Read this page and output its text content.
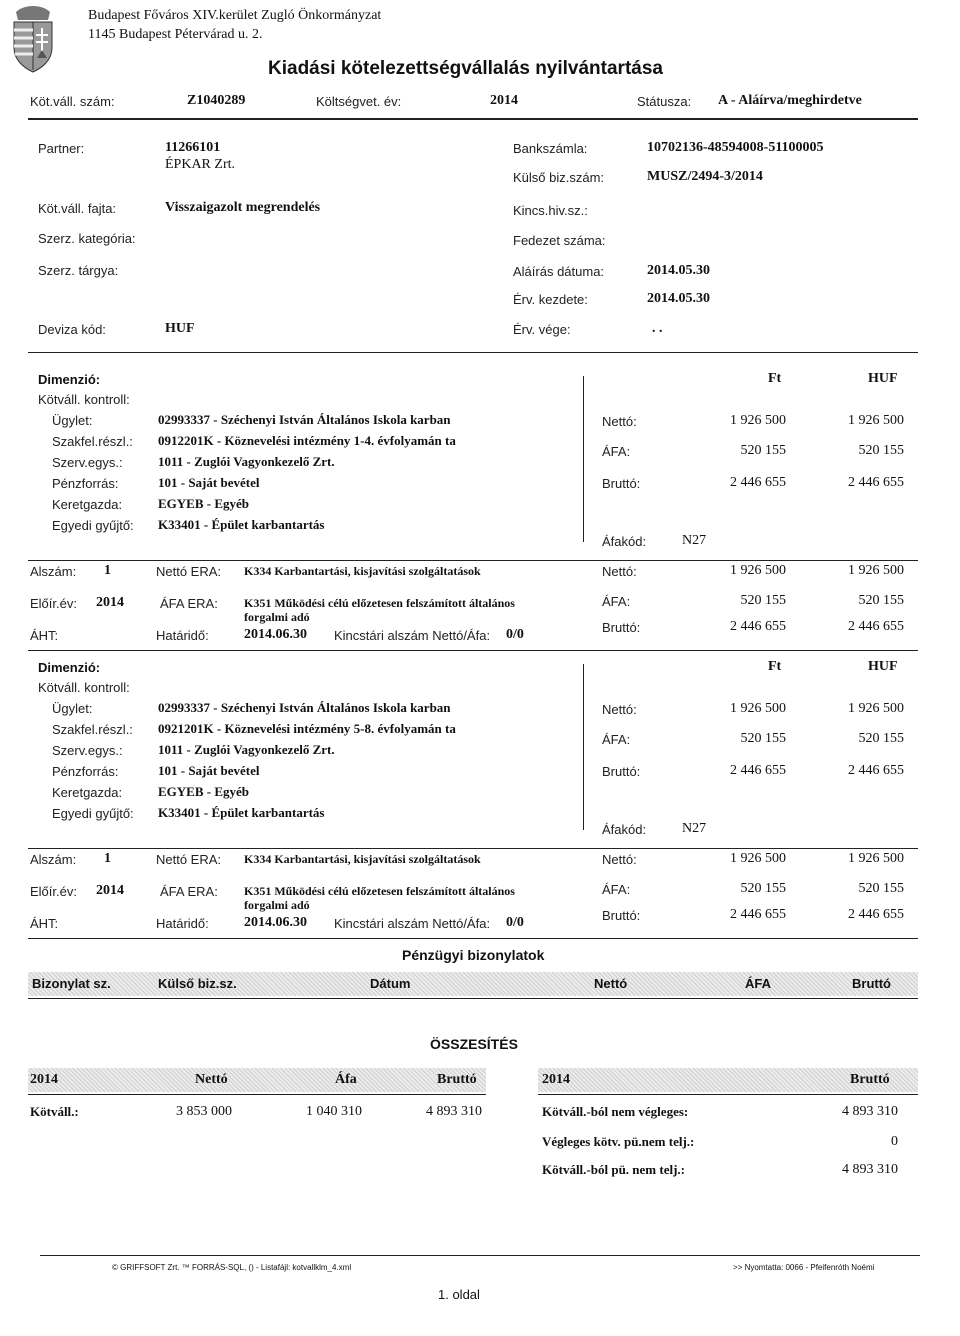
Budapest Főváros XIV.kerület Zugló Önkormányzat
1145 Budapest Pétervárad u. 2.
Kiadási kötelezettségvállalás nyilvántartása
Köt.váll. szám:	Z1040289	Költségvet. év:	2014	Státusza: A - Aláírva/meghirdetve
Partner:	11266101
ÉPKAR Zrt.
Bankszámla:	10702136-48594008-51100005
Külső biz.szám:	MUSZ/2494-3/2014
Köt.váll. fajta:	Visszaigazolt megrendelés	Kincs.hiv.sz.:
Szerz. kategória:	Fedezet száma:
Szerz. tárgya:	Aláírás dátuma:	2014.05.30
Érv. kezdete:	2014.05.30
Deviza kód:	HUF	Érv. vége:	. .
Dimenzió:	Ft	HUF
Kötváll. kontroll:
Ügylet:	02993337 - Széchenyi István Általános Iskola karban
Szakfel.részl.: 0912201K - Köznevelési intézmény 1-4. évfolyamán ta
Szerv.egys.:	1011 - Zuglói Vagyonkezelő Zrt.
Pénzforrás:	101 - Saját bevétel
Keretgazda:	EGYEB - Egyéb
Egyedi gyűjtő: K33401 - Épület karbantartás
Nettó:	1 926 500	1 926 500
ÁFA:	520 155	520 155
Bruttó:	2 446 655	2 446 655
Áfakód:	N27
Alszám: 1	Nettó ERA: K334 Karbantartási, kisjavítási szolgáltatások	Nettó:	1 926 500	1 926 500
Előír.év: 2014	ÁFA ERA: K351 Működési célú előzetesen felszámított általános
forgalmi adó
ÁFA:	520 155	520 155
ÁHT:	Határidő:	2014.06.30 Kincstári alszám Nettó/Áfa: 0/0	Bruttó:	2 446 655	2 446 655
Dimenzió:	Ft	HUF
Kötváll. kontroll:
Ügylet:	02993337 - Széchenyi István Általános Iskola karban
Szakfel.részl.: 0921201K - Köznevelési intézmény 5-8. évfolyamán ta
Szerv.egys.:	1011 - Zuglói Vagyonkezelő Zrt.
Pénzforrás:	101 - Saját bevétel
Keretgazda:	EGYEB - Egyéb
Egyedi gyűjtő: K33401 - Épület karbantartás
Nettó:	1 926 500	1 926 500
ÁFA:	520 155	520 155
Bruttó:	2 446 655	2 446 655
Áfakód:	N27
Alszám: 1	Nettó ERA: K334 Karbantartási, kisjavítási szolgáltatások	Nettó:	1 926 500	1 926 500
Előír.év: 2014	ÁFA ERA: K351 Működési célú előzetesen felszámított általános
forgalmi adó
ÁFA:	520 155	520 155
ÁHT:	Határidő:	2014.06.30 Kincstári alszám Nettó/Áfa: 0/0	Bruttó:	2 446 655	2 446 655
Pénzügyi bizonylatok
Bizonylat sz.	Külső biz.sz.	Dátum	Nettó	ÁFA	Bruttó
ÖSSZESÍTÉS
2014	Nettó	Áfa	Bruttó
Kötváll.:	3 853 000	1 040 310	4 893 310
2014	Bruttó
Kötváll.-ból nem végleges:	4 893 310
Végleges kötv. pü.nem telj.:	0
Kötváll.-ból pü. nem telj.:	4 893 310
© GRIFFSOFT Zrt. ™ FORRÁS-SQL, () - Listafájl: kotvallklm_4.xml	>> Nyomtatta: 0066 - Pfeifenróth Noémi
1. oldal
